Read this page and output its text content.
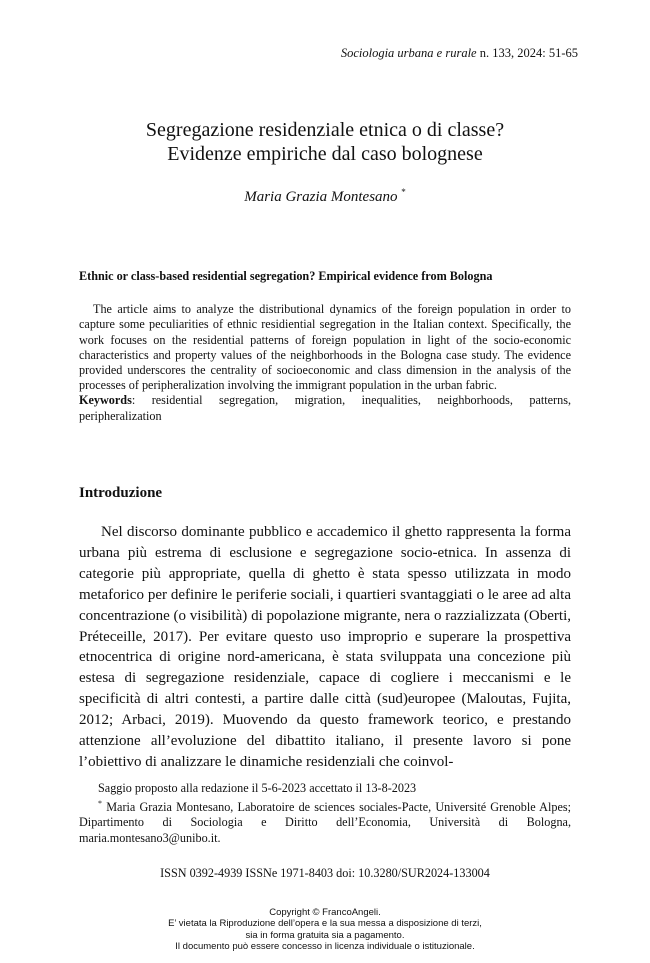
Sociologia urbana e rurale n. 133, 2024: 51-65
Segregazione residenziale etnica o di classe?
Evidenze empiriche dal caso bolognese
Maria Grazia Montesano *

Ethnic or class-based residential segregation? Empirical evidence from Bologna

The article aims to analyze the distributional dynamics of the foreign population in order to capture some peculiarities of ethnic residiential segregation in the Italian context. Specifically, the work focuses on the residential patterns of foreign population in light of the socio-economic characteristics and property values of the neighborhoods in the Bologna case study. The evidence provided underscores the centrality of socioeconomic and class dimension in the analysis of the processes of peripheralization involving the immigrant population in the urban fabric.

Keywords: residential segregation, migration, inequalities, neighborhoods, patterns, peripheralization

Introduzione

Nel discorso dominante pubblico e accademico il ghetto rappresenta la forma urbana più estrema di esclusione e segregazione socio-etnica. In assenza di categorie più appropriate, quella di ghetto è stata spesso utilizzata in modo metaforico per definire le periferie sociali, i quartieri svantaggiati o le aree ad alta concentrazione (o visibilità) di popolazione migrante, nera o razzializzata (Oberti, Préteceille, 2017). Per evitare questo uso improprio e superare la prospettiva etnocentrica di origine nord-americana, è stata sviluppata una concezione più estesa di segregazione residenziale, capace di cogliere i meccanismi e le specificità di altri contesti, a partire dalle città (sud)europee (Maloutas, Fujita, 2012; Arbaci, 2019). Muovendo da questo framework teorico, e prestando attenzione all’evoluzione del dibattito italiano, il presente lavoro si pone l’obiettivo di analizzare le dinamiche residenziali che coinvol-

Saggio proposto alla redazione il 5-6-2023 accettato il 13-8-2023

* Maria Grazia Montesano, Laboratoire de sciences sociales-Pacte, Université Grenoble Alpes; Dipartimento di Sociologia e Diritto dell’Economia, Università di Bologna, maria.montesano3@unibo.it.

ISSN 0392-4939 ISSNe 1971-8403 doi: 10.3280/SUR2024-133004
Copyright © FrancoAngeli.
E’ vietata la Riproduzione dell’opera e la sua messa a disposizione di terzi,
sia in forma gratuita sia a pagamento.
Il documento può essere concesso in licenza individuale o istituzionale.
